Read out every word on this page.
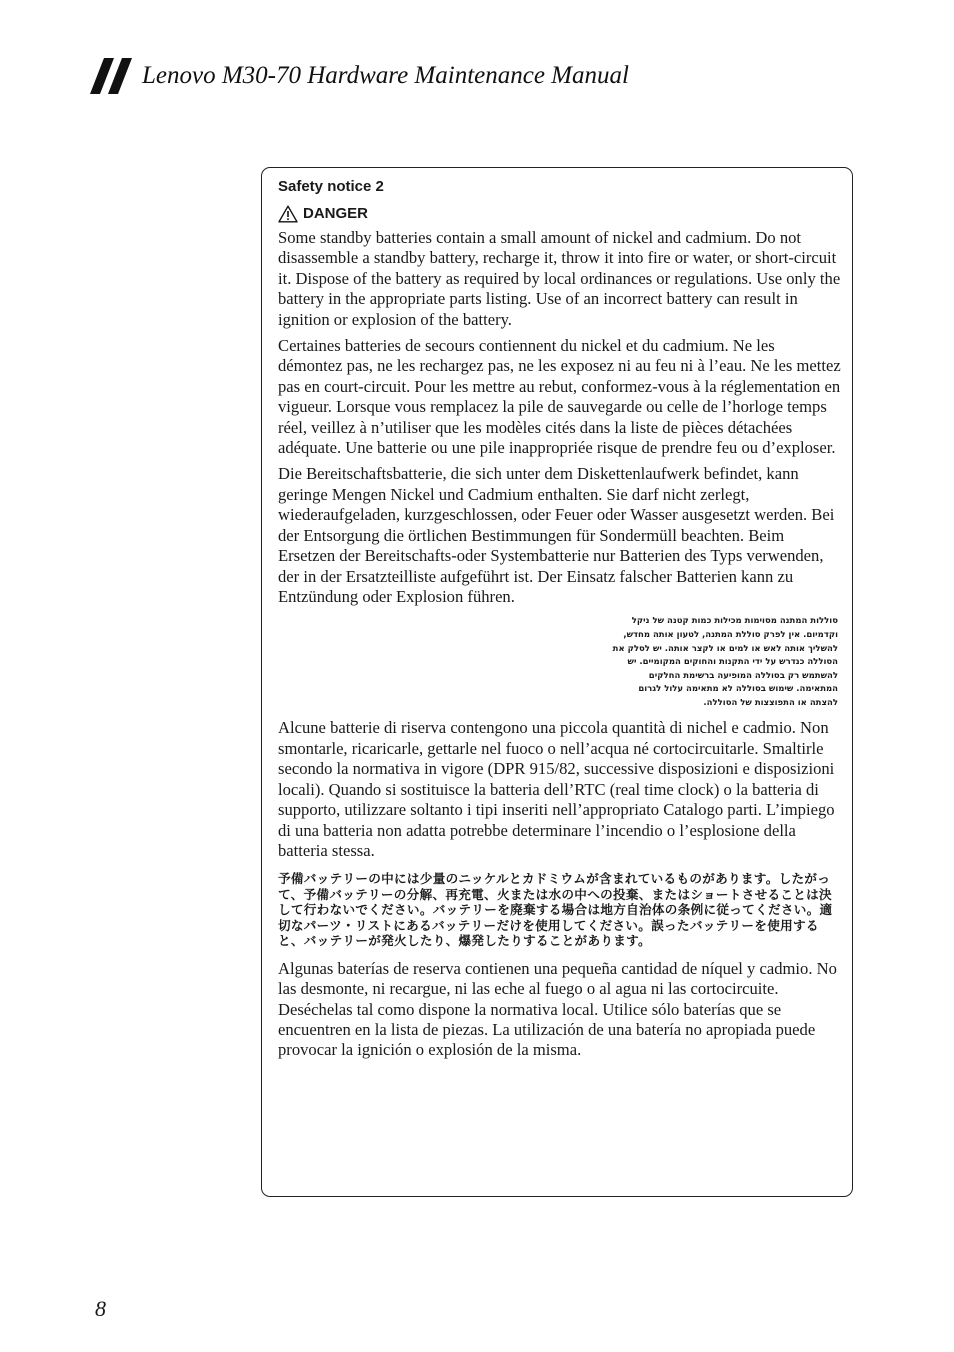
Lenovo M30-70 Hardware Maintenance Manual
Safety notice 2
DANGER

Some standby batteries contain a small amount of nickel and cadmium. Do not disassemble a standby battery, recharge it, throw it into fire or water, or short-circuit it. Dispose of the battery as required by local ordinances or regulations. Use only the battery in the appropriate parts listing. Use of an incorrect battery can result in ignition or explosion of the battery.

Certaines batteries de secours contiennent du nickel et du cadmium. Ne les démontez pas, ne les rechargez pas, ne les exposez ni au feu ni à l’eau. Ne les mettez pas en court-circuit. Pour les mettre au rebut, conformez-vous à la réglementation en vigueur. Lorsque vous remplacez la pile de sauvegarde ou celle de l’horloge temps réel, veillez à n’utiliser que les modèles cités dans la liste de pièces détachées adéquate. Une batterie ou une pile inappropriée risque de prendre feu ou d’exploser.

Die Bereitschaftsbatterie, die sich unter dem Diskettenlaufwerk befindet, kann geringe Mengen Nickel und Cadmium enthalten. Sie darf nicht zerlegt, wiederaufgeladen, kurzgeschlossen, oder Feuer oder Wasser ausgesetzt werden. Bei der Entsorgung die örtlichen Bestimmungen für Sondermüll beachten. Beim Ersetzen der Bereitschafts-oder Systembatterie nur Batterien des Typs verwenden, der in der Ersatzteilliste aufgeführt ist. Der Einsatz falscher Batterien kann zu Entzündung oder Explosion führen.

סוללות המתנה מסוימות מכילות כמות קטנה של ניקל וקדמיום. אין לפרק סוללת המתנה, לטעון אותה מחדש, להשליך אותה לאש או למים או לקצר אותה. יש לסלק את הסוללה כנדרש על ידי התקנות והחוקים המקומיים. יש להשתמש רק בסוללה המופיעה ברשימת החלקים המתאימה. שימוש בסוללה לא מתאימה עלול לגרום להצתה או התפוצצות של הסוללה.

Alcune batterie di riserva contengono una piccola quantità di nichel e cadmio. Non smontarle, ricaricarle, gettarle nel fuoco o nell’acqua né cortocircuitarle. Smaltirle secondo la normativa in vigore (DPR 915/82, successive disposizioni e disposizioni locali). Quando si sostituisce la batteria dell’RTC (real time clock) o la batteria di supporto, utilizzare soltanto i tipi inseriti nell’appropriato Catalogo parti. L’impiego di una batteria non adatta potrebbe determinare l’incendio o l’esplosione della batteria stessa.

予備バッテリーの中には少量のニッケルとカドミウムが含まれているものがあります。したがって、予備バッテリーの分解、再充電、火または水の中への投棄、またはショートさせることは決して行わないでください。バッテリーを廃棄する場合は地方自治体の条例に従ってください。適切なパーツ・リストにあるバッテリーだけを使用してください。誤ったバッテリーを使用すると、バッテリーが発火したり、爆発したりすることがあります。

Algunas baterías de reserva contienen una pequeña cantidad de níquel y cadmio. No las desmonte, ni recargue, ni las eche al fuego o al agua ni las cortocircuite. Deséchelas tal como dispone la normativa local. Utilice sólo baterías que se encuentren en la lista de piezas. La utilización de una batería no apropiada puede provocar la ignición o explosión de la misma.

8
